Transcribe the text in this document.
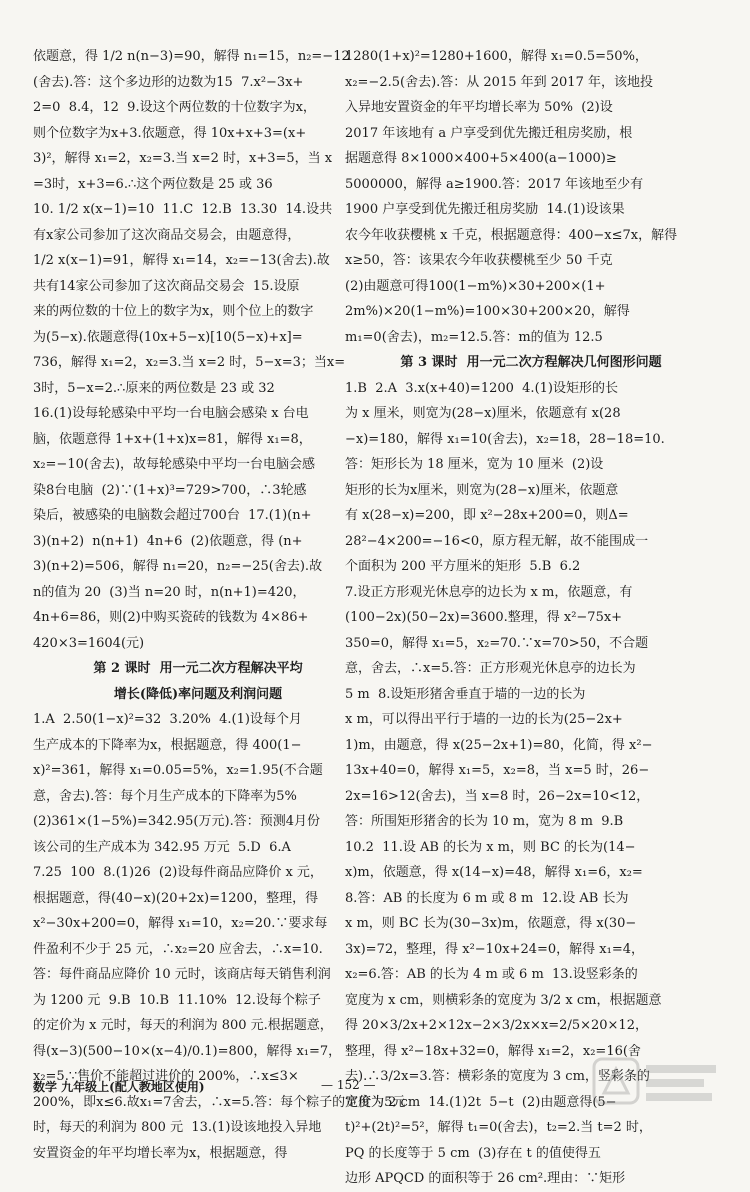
依题意，得 1/2 n(n−3)=90，解得 n₁=15，n₂=−12

(舍去).答：这个多边形的边数为15  7.x²−3x+

2=0  8.4，12  9.设这个两位数的十位数字为x，

则个位数字为x+3.依题意，得 10x+x+3=(x+

3)²，解得 x₁=2，x₂=3.当 x=2 时，x+3=5，当 x

=3时，x+3=6.∴这个两位数是 25 或 36

10. 1/2 x(x−1)=10  11.C  12.B  13.30  14.设共

有x家公司参加了这次商品交易会，由题意得，

1/2 x(x−1)=91，解得 x₁=14，x₂=−13(舍去).故

共有14家公司参加了这次商品交易会  15.设原

来的两位数的十位上的数字为x，则个位上的数字

为(5−x).依题意得(10x+5−x)[10(5−x)+x]=

736，解得 x₁=2，x₂=3.当 x=2 时，5−x=3；当x=

3时，5−x=2.∴原来的两位数是 23 或 32

16.(1)设每轮感染中平均一台电脑会感染 x 台电

脑，依题意得 1+x+(1+x)x=81，解得 x₁=8，

x₂=−10(舍去)，故每轮感染中平均一台电脑会感

染8台电脑  (2)∵(1+x)³=729>700，∴3轮感

染后，被感染的电脑数会超过700台  17.(1)(n+

3)(n+2)  n(n+1)  4n+6  (2)依题意，得 (n+

3)(n+2)=506，解得 n₁=20，n₂=−25(舍去).故

n的值为 20  (3)当 n=20 时，n(n+1)=420，

4n+6=86，则(2)中购买瓷砖的钱数为 4×86+

420×3=1604(元)

第 2 课时  用一元二次方程解决平均

增长(降低)率问题及利润问题

1.A  2.50(1−x)²=32  3.20%  4.(1)设每个月

生产成本的下降率为x，根据题意，得 400(1−

x)²=361，解得 x₁=0.05=5%，x₂=1.95(不合题

意，舍去).答：每个月生产成本的下降率为5%

(2)361×(1−5%)=342.95(万元).答：预测4月份

该公司的生产成本为 342.95 万元  5.D  6.A

7.25  100  8.(1)26  (2)设每件商品应降价 x 元，

根据题意，得(40−x)(20+2x)=1200，整理，得

x²−30x+200=0，解得 x₁=10，x₂=20.∵要求每

件盈利不少于 25 元，∴x₂=20 应舍去，∴x=10.

答：每件商品应降价 10 元时，该商店每天销售利润

为 1200 元  9.B  10.B  11.10%  12.设每个粽子

的定价为 x 元时，每天的利润为 800 元.根据题意，

得(x−3)(500−10×(x−4)/0.1)=800，解得 x₁=7，

x₂=5.∵售价不能超过进价的 200%，∴x≤3×

200%，即x≤6.故x₁=7舍去，∴x=5.答：每个粽子的定价为5元

时，每天的利润为 800 元  13.(1)设该地投入异地

安置资金的年平均增长率为x，根据题意，得

1280(1+x)²=1280+1600，解得 x₁=0.5=50%，

x₂=−2.5(舍去).答：从 2015 年到 2017 年，该地投

入异地安置资金的年平均增长率为 50%  (2)设

2017 年该地有 a 户享受到优先搬迁租房奖励，根

据题意得 8×1000×400+5×400(a−1000)≥

5000000，解得 a≥1900.答：2017 年该地至少有

1900 户享受到优先搬迁租房奖励  14.(1)设该果

农今年收获樱桃 x 千克，根据题意得：400−x≤7x，解得

x≥50，答：该果农今年收获樱桃至少 50 千克

(2)由题意可得100(1−m%)×30+200×(1+

2m%)×20(1−m%)=100×30+200×20，解得

m₁=0(舍去)，m₂=12.5.答：m的值为 12.5

第 3 课时  用一元二次方程解决几何图形问题

1.B  2.A  3.x(x+40)=1200  4.(1)设矩形的长

为 x 厘米，则宽为(28−x)厘米，依题意有 x(28

−x)=180，解得 x₁=10(舍去)，x₂=18，28−18=10.

答：矩形长为 18 厘米，宽为 10 厘米  (2)设

矩形的长为x厘米，则宽为(28−x)厘米，依题意

有 x(28−x)=200，即 x²−28x+200=0，则Δ=

28²−4×200=−16<0，原方程无解，故不能围成一

个面积为 200 平方厘米的矩形  5.B  6.2

7.设正方形观光休息亭的边长为 x m，依题意，有

(100−2x)(50−2x)=3600.整理，得 x²−75x+

350=0，解得 x₁=5，x₂=70.∵x=70>50，不合题

意，舍去，∴x=5.答：正方形观光休息亭的边长为

5 m  8.设矩形猪舍垂直于墙的一边的长为

x m，可以得出平行于墙的一边的长为(25−2x+

1)m，由题意，得 x(25−2x+1)=80，化简，得 x²−

13x+40=0，解得 x₁=5，x₂=8，当 x=5 时，26−

2x=16>12(舍去)，当 x=8 时，26−2x=10<12，

答：所围矩形猪舍的长为 10 m，宽为 8 m  9.B

10.2  11.设 AB 的长为 x m，则 BC 的长为(14−

x)m，依题意，得 x(14−x)=48，解得 x₁=6，x₂=

8.答：AB 的长度为 6 m 或 8 m  12.设 AB 长为

x m，则 BC 长为(30−3x)m，依题意，得 x(30−

3x)=72，整理，得 x²−10x+24=0，解得 x₁=4，

x₂=6.答：AB 的长为 4 m 或 6 m  13.设竖彩条的

宽度为 x cm，则横彩条的宽度为 3/2 x cm，根据题意

得 20×3/2x+2×12x−2×3/2x×x=2/5×20×12，

整理，得 x²−18x+32=0，解得 x₁=2，x₂=16(舍

去).∴3/2x=3.答：横彩条的宽度为 3 cm，竖彩条的

宽度为 2 cm  14.(1)2t  5−t  (2)由题意得(5−

t)²+(2t)²=5²，解得 t₁=0(舍去)，t₂=2.当 t=2 时，

PQ 的长度等于 5 cm  (3)存在 t 的值使得五

边形 APQCD 的面积等于 26 cm².理由：∵矩形

数学 九年级上(配人教地区使用)	— 152 —
